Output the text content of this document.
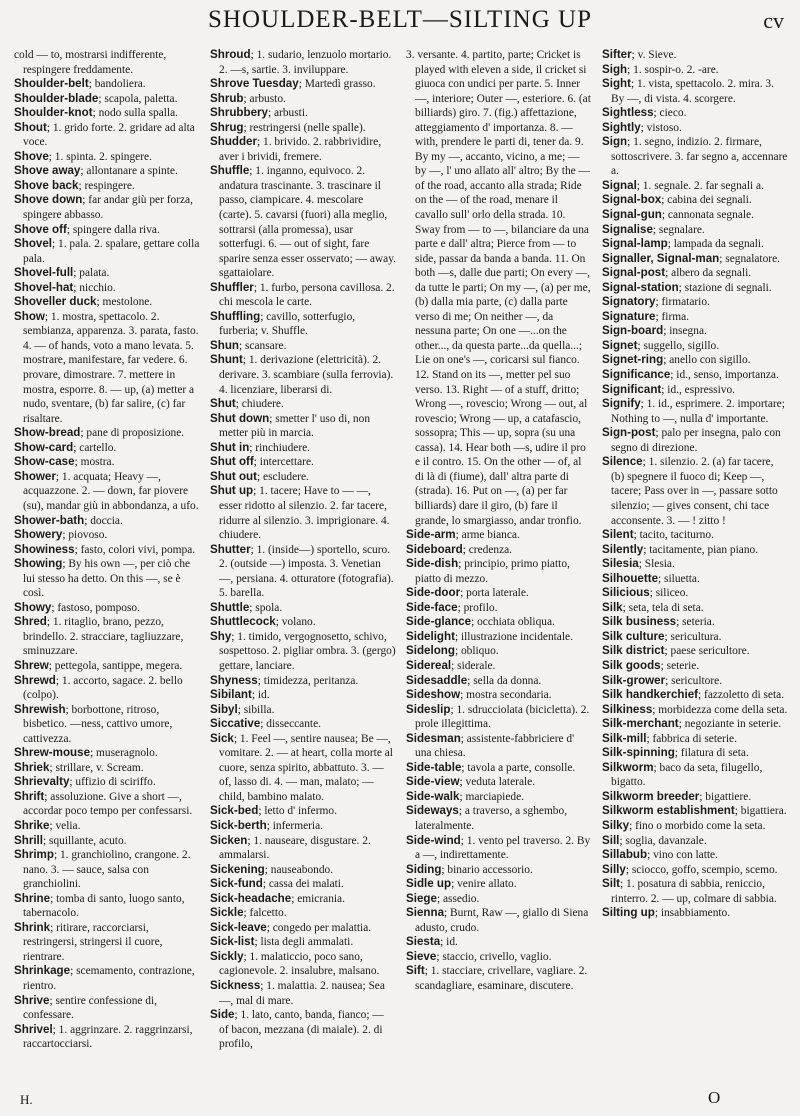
SHOULDER-BELT—SILTING UP	cv

cold — to, mostrarsi indifferente, respingere freddamente.

Shoulder-belt; bandoliera.

Shoulder-blade; scapola, paletta.

Shoulder-knot; nodo sulla spalla.

Shout; 1. grido forte. 2. gridare ad alta voce.

Shove; 1. spinta. 2. spingere.

Shove away; allontanare a spinte.

Shove back; respingere.

Shove down; far andar giù per forza, spingere abbasso.

Shove off; spingere dalla riva.

Shovel; 1. pala. 2. spalare, gettare colla pala.

Shovel-full; palata.

Shovel-hat; nicchio.

Shoveller duck; mestolone.

Show; 1. mostra, spettacolo. 2. sembianza, apparenza. 3. parata, fasto. 4. — of hands, voto a mano levata. 5. mostrare, manifestare, far vedere. 6. provare, dimostrare. 7. mettere in mostra, esporre. 8. — up, (a) metter a nudo, sventare, (b) far salire, (c) far risaltare.

Show-bread; pane di proposizione.

Show-card; cartello.

Show-case; mostra.

Shower; 1. acquata; Heavy —, acquazzone. 2. — down, far piovere (su), mandar giù in abbondanza, a ufo.

Shower-bath; doccia.

Showery; piovoso.

Showiness; fasto, colori vivi, pompa.

Showing; By his own —, per ciò che lui stesso ha detto. On this —, se è così.

Showy; fastoso, pomposo.

Shred; 1. ritaglio, brano, pezzo, brindello. 2. stracciare, tagliuzzare, sminuzzare.

Shrew; pettegola, santippe, megera.

Shrewd; 1. accorto, sagace. 2. bello (colpo).

Shrewish; borbottone, ritroso, bisbetico. —ness, cattivo umore, cattivezza.

Shrew-mouse; museragnolo.

Shriek; strillare, v. Scream.

Shrievalty; uffizio di sciriffo.

Shrift; assoluzione. Give a short —, accordar poco tempo per confessarsi.

Shrike; velia.

Shrill; squillante, acuto.

Shrimp; 1. granchiolino, crangone. 2. nano. 3. — sauce, salsa con granchiolini.

Shrine; tomba di santo, luogo santo, tabernacolo.

Shrink; ritirare, raccorciarsi, restringersi, stringersi il cuore, rientrare.

Shrinkage; scemamento, contrazione, rientro.

Shrive; sentire confessione di, confessare.

Shrivel; 1. aggrinzare. 2. raggrinzarsi, raccartocciarsi.

Shroud; 1. sudario, lenzuolo mortario. 2. —s, sartie. 3. inviluppare.

Shrove Tuesday; Martedì grasso.

Shrub; arbusto.

Shrubbery; arbusti.

Shrug; restringersi (nelle spalle).

Shudder; 1. brivido. 2. rabbrividire, aver i brividi, fremere.

Shuffle; 1. inganno, equivoco. 2. andatura trascinante. 3. trascinare il passo, ciampicare. 4. mescolare (carte). 5. cavarsi (fuori) alla meglio, sottrarsi (alla promessa), usar sotterfugi. 6. — out of sight, fare sparire senza esser osservato; — away. sgattaiolare.

Shuffler; 1. furbo, persona cavillosa. 2. chi mescola le carte.

Shuffling; cavillo, sotterfugio, furberia; v. Shuffle.

Shun; scansare.

Shunt; 1. derivazione (elettricità). 2. derivare. 3. scambiare (sulla ferrovia). 4. licenziare, liberarsi di.

Shut; chiudere.

Shut down; smetter l' uso di, non metter più in marcia.

Shut in; rinchiudere.

Shut off; intercettare.

Shut out; escludere.

Shut up; 1. tacere; Have to — —, esser ridotto al silenzio. 2. far tacere, ridurre al silenzio. 3. imprigionare. 4. chiudere.

Shutter; 1. (inside—) sportello, scuro. 2. (outside —) imposta. 3. Venetian —, persiana. 4. otturatore (fotografia). 5. barella.

Shuttle; spola.

Shuttlecock; volano.

Shy; 1. timido, vergognosetto, schivo, sospettoso. 2. pigliar ombra. 3. (gergo) gettare, lanciare.

Shyness; timidezza, peritanza.

Sibilant; id.

Sibyl; sibilla.

Siccative; disseccante.

Sick; 1. Feel —, sentire nausea; Be —, vomitare. 2. — at heart, colla morte al cuore, senza spirito, abbattuto. 3. — of, lasso di. 4. — man, malato; — child, bambino malato.

Sick-bed; letto d' infermo.

Sick-berth; infermeria.

Sicken; 1. nauseare, disgustare. 2. ammalarsi.

Sickening; nauseabondo.

Sick-fund; cassa dei malati.

Sick-headache; emicrania.

Sickle; falcetto.

Sick-leave; congedo per malattia.

Sick-list; lista degli ammalati.

Sickly; 1. malaticcio, poco sano, cagionevole. 2. insalubre, malsano.

Sickness; 1. malattia. 2. nausea; Sea —, mal di mare.

Side; 1. lato, canto, banda, fianco; — of bacon, mezzana (di maiale). 2. di profilo,

3. versante. 4. partito, parte; Cricket is played with eleven a side, il cricket si giuoca con undici per parte. 5. Inner —, interiore; Outer —, esteriore. 6. (at billiards) giro. 7. (fig.) affettazione, atteggiamento d' importanza. 8. — with, prendere le parti di, tener da. 9. By my —, accanto, vicino, a me; — by —, l' uno allato all' altro; By the — of the road, accanto alla strada; Ride on the — of the road, menare il cavallo sull' orlo della strada. 10. Sway from — to —, bilanciare da una parte e dall' altra; Pierce from — to side, passar da banda a banda. 11. On both —s, dalle due parti; On every —, da tutte le parti; On my —, (a) per me, (b) dalla mia parte, (c) dalla parte verso di me; On neither —, da nessuna parte; On one —...on the other..., da questa parte...da quella...; Lie on one's —, coricarsi sul fianco. 12. Stand on its —, metter pel suo verso. 13. Right — of a stuff, dritto; Wrong —, rovescio; Wrong — out, al rovescio; Wrong — up, a catafascio, sossopra; This — up, sopra (su una cassa). 14. Hear both —s, udire il pro e il contro. 15. On the other — of, al di là di (fiume), dall' altra parte di (strada). 16. Put on —, (a) per far billiards) dare il giro, (b) fare il grande, lo smargiasso, andar tronfio.

Side-arm; arme bianca.

Sideboard; credenza.

Side-dish; principio, primo piatto, piatto di mezzo.

Side-door; porta laterale.

Side-face; profilo.

Side-glance; occhiata obliqua.

Sidelight; illustrazione incidentale.

Sidelong; obliquo.

Sidereal; siderale.

Sidesaddle; sella da donna.

Sideshow; mostra secondaria.

Sideslip; 1. sdrucciolata (bicicletta). 2. prole illegittima.

Sidesman; assistente-fabbriciere d' una chiesa.

Side-table; tavola a parte, consolle.

Side-view; veduta laterale.

Side-walk; marciapiede.

Sideways; a traverso, a sghembo, lateralmente.

Side-wind; 1. vento pel traverso. 2. By a —, indirettamente.

Siding; binario accessorio.

Sidle up; venire allato.

Siege; assedio.

Sienna; Burnt, Raw —, giallo di Siena adusto, crudo.

Siesta; id.

Sieve; staccio, crivello, vaglio.

Sift; 1. stacciare, crivellare, vagliare. 2. scandagliare, esaminare, discutere.

Sifter; v. Sieve.

Sigh; 1. sospir-o. 2. -are.

Sight; 1. vista, spettacolo. 2. mira. 3. By —, di vista. 4. scorgere.

Sightless; cieco.

Sightly; vistoso.

Sign; 1. segno, indizio. 2. firmare, sottoscrivere. 3. far segno a, accennare a.

Signal; 1. segnale. 2. far segnali a.

Signal-box; cabina dei segnali.

Signal-gun; cannonata segnale.

Signalise; segnalare.

Signal-lamp; lampada da segnali.

Signaller, Signal-man; segnalatore.

Signal-post; albero da segnali.

Signal-station; stazione di segnali.

Signatory; firmatario.

Signature; firma.

Sign-board; insegna.

Signet; suggello, sigillo.

Signet-ring; anello con sigillo.

Significance; id., senso, importanza.

Significant; id., espressivo.

Signify; 1. id., esprimere. 2. importare; Nothing to —, nulla d' importante.

Sign-post; palo per insegna, palo con segno di direzione.

Silence; 1. silenzio. 2. (a) far tacere, (b) spegnere il fuoco di; Keep —, tacere; Pass over in —, passare sotto silenzio; — gives consent, chi tace acconsente. 3. — ! zitto !

Silent; tacito, taciturno.

Silently; tacitamente, pian piano.

Silesia; Slesia.

Silhouette; siluetta.

Silicious; siliceo.

Silk; seta, tela di seta.

Silk business; seteria.

Silk culture; sericultura.

Silk district; paese sericultore.

Silk goods; seterie.

Silk-grower; sericultore.

Silk handkerchief; fazzoletto di seta.

Silkiness; morbidezza come della seta.

Silk-merchant; negoziante in seterie.

Silk-mill; fabbrica di seterie.

Silk-spinning; filatura di seta.

Silkworm; baco da seta, filugello, bigatto.

Silkworm breeder; bigattiere.

Silkworm establishment; bigattiera.

Silky; fino o morbido come la seta.

Sill; soglia, davanzale.

Sillabub; vino con latte.

Silly; sciocco, goffo, scempio, scemo.

Silt; 1. posatura di sabbia, reniccio, rinterro. 2. — up, colmare di sabbia.

Silting up; insabbiamento.

H.	O
